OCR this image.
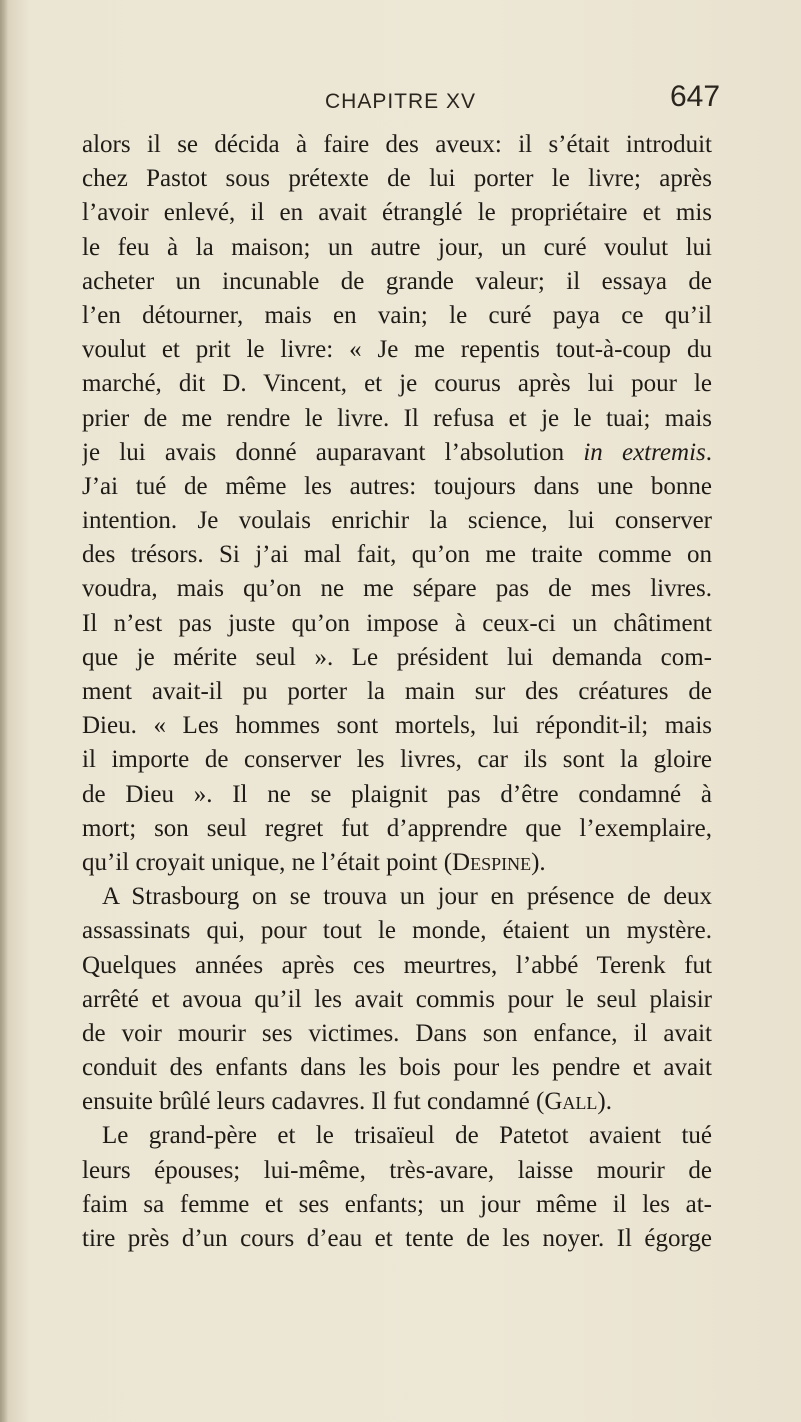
CHAPITRE XV	647
alors il se décida à faire des aveux: il s’était introduit
chez Pastot sous prétexte de lui porter le livre; après
l’avoir enlevé, il en avait étranglé le propriétaire et mis
le feu à la maison; un autre jour, un curé voulut lui
acheter un incunable de grande valeur; il essaya de
l’en détourner, mais en vain; le curé paya ce qu’il
voulut et prit le livre: « Je me repentis tout-à-coup du
marché, dit D. Vincent, et je courus après lui pour le
prier de me rendre le livre. Il refusa et je le tuai; mais
je lui avais donné auparavant l’absolution in extremis.
J’ai tué de même les autres: toujours dans une bonne
intention. Je voulais enrichir la science, lui conserver
des trésors. Si j’ai mal fait, qu’on me traite comme on
voudra, mais qu’on ne me sépare pas de mes livres.
Il n’est pas juste qu’on impose à ceux-ci un châtiment
que je mérite seul ». Le président lui demanda com-
ment avait-il pu porter la main sur des créatures de
Dieu. « Les hommes sont mortels, lui répondit-il; mais
il importe de conserver les livres, car ils sont la gloire
de Dieu ». Il ne se plaignit pas d’être condamné à
mort; son seul regret fut d’apprendre que l’exemplaire,
qu’il croyait unique, ne l’était point (Despine).
A Strasbourg on se trouva un jour en présence de deux
assassinats qui, pour tout le monde, étaient un mystère.
Quelques années après ces meurtres, l’abbé Terenk fut
arrêté et avoua qu’il les avait commis pour le seul plaisir
de voir mourir ses victimes. Dans son enfance, il avait
conduit des enfants dans les bois pour les pendre et avait
ensuite brûlé leurs cadavres. Il fut condamné (Gall).
Le grand-père et le trisaïeul de Patetot avaient tué
leurs épouses; lui-même, très-avare, laisse mourir de
faim sa femme et ses enfants; un jour même il les at-
tire près d’un cours d’eau et tente de les noyer. Il égorge
